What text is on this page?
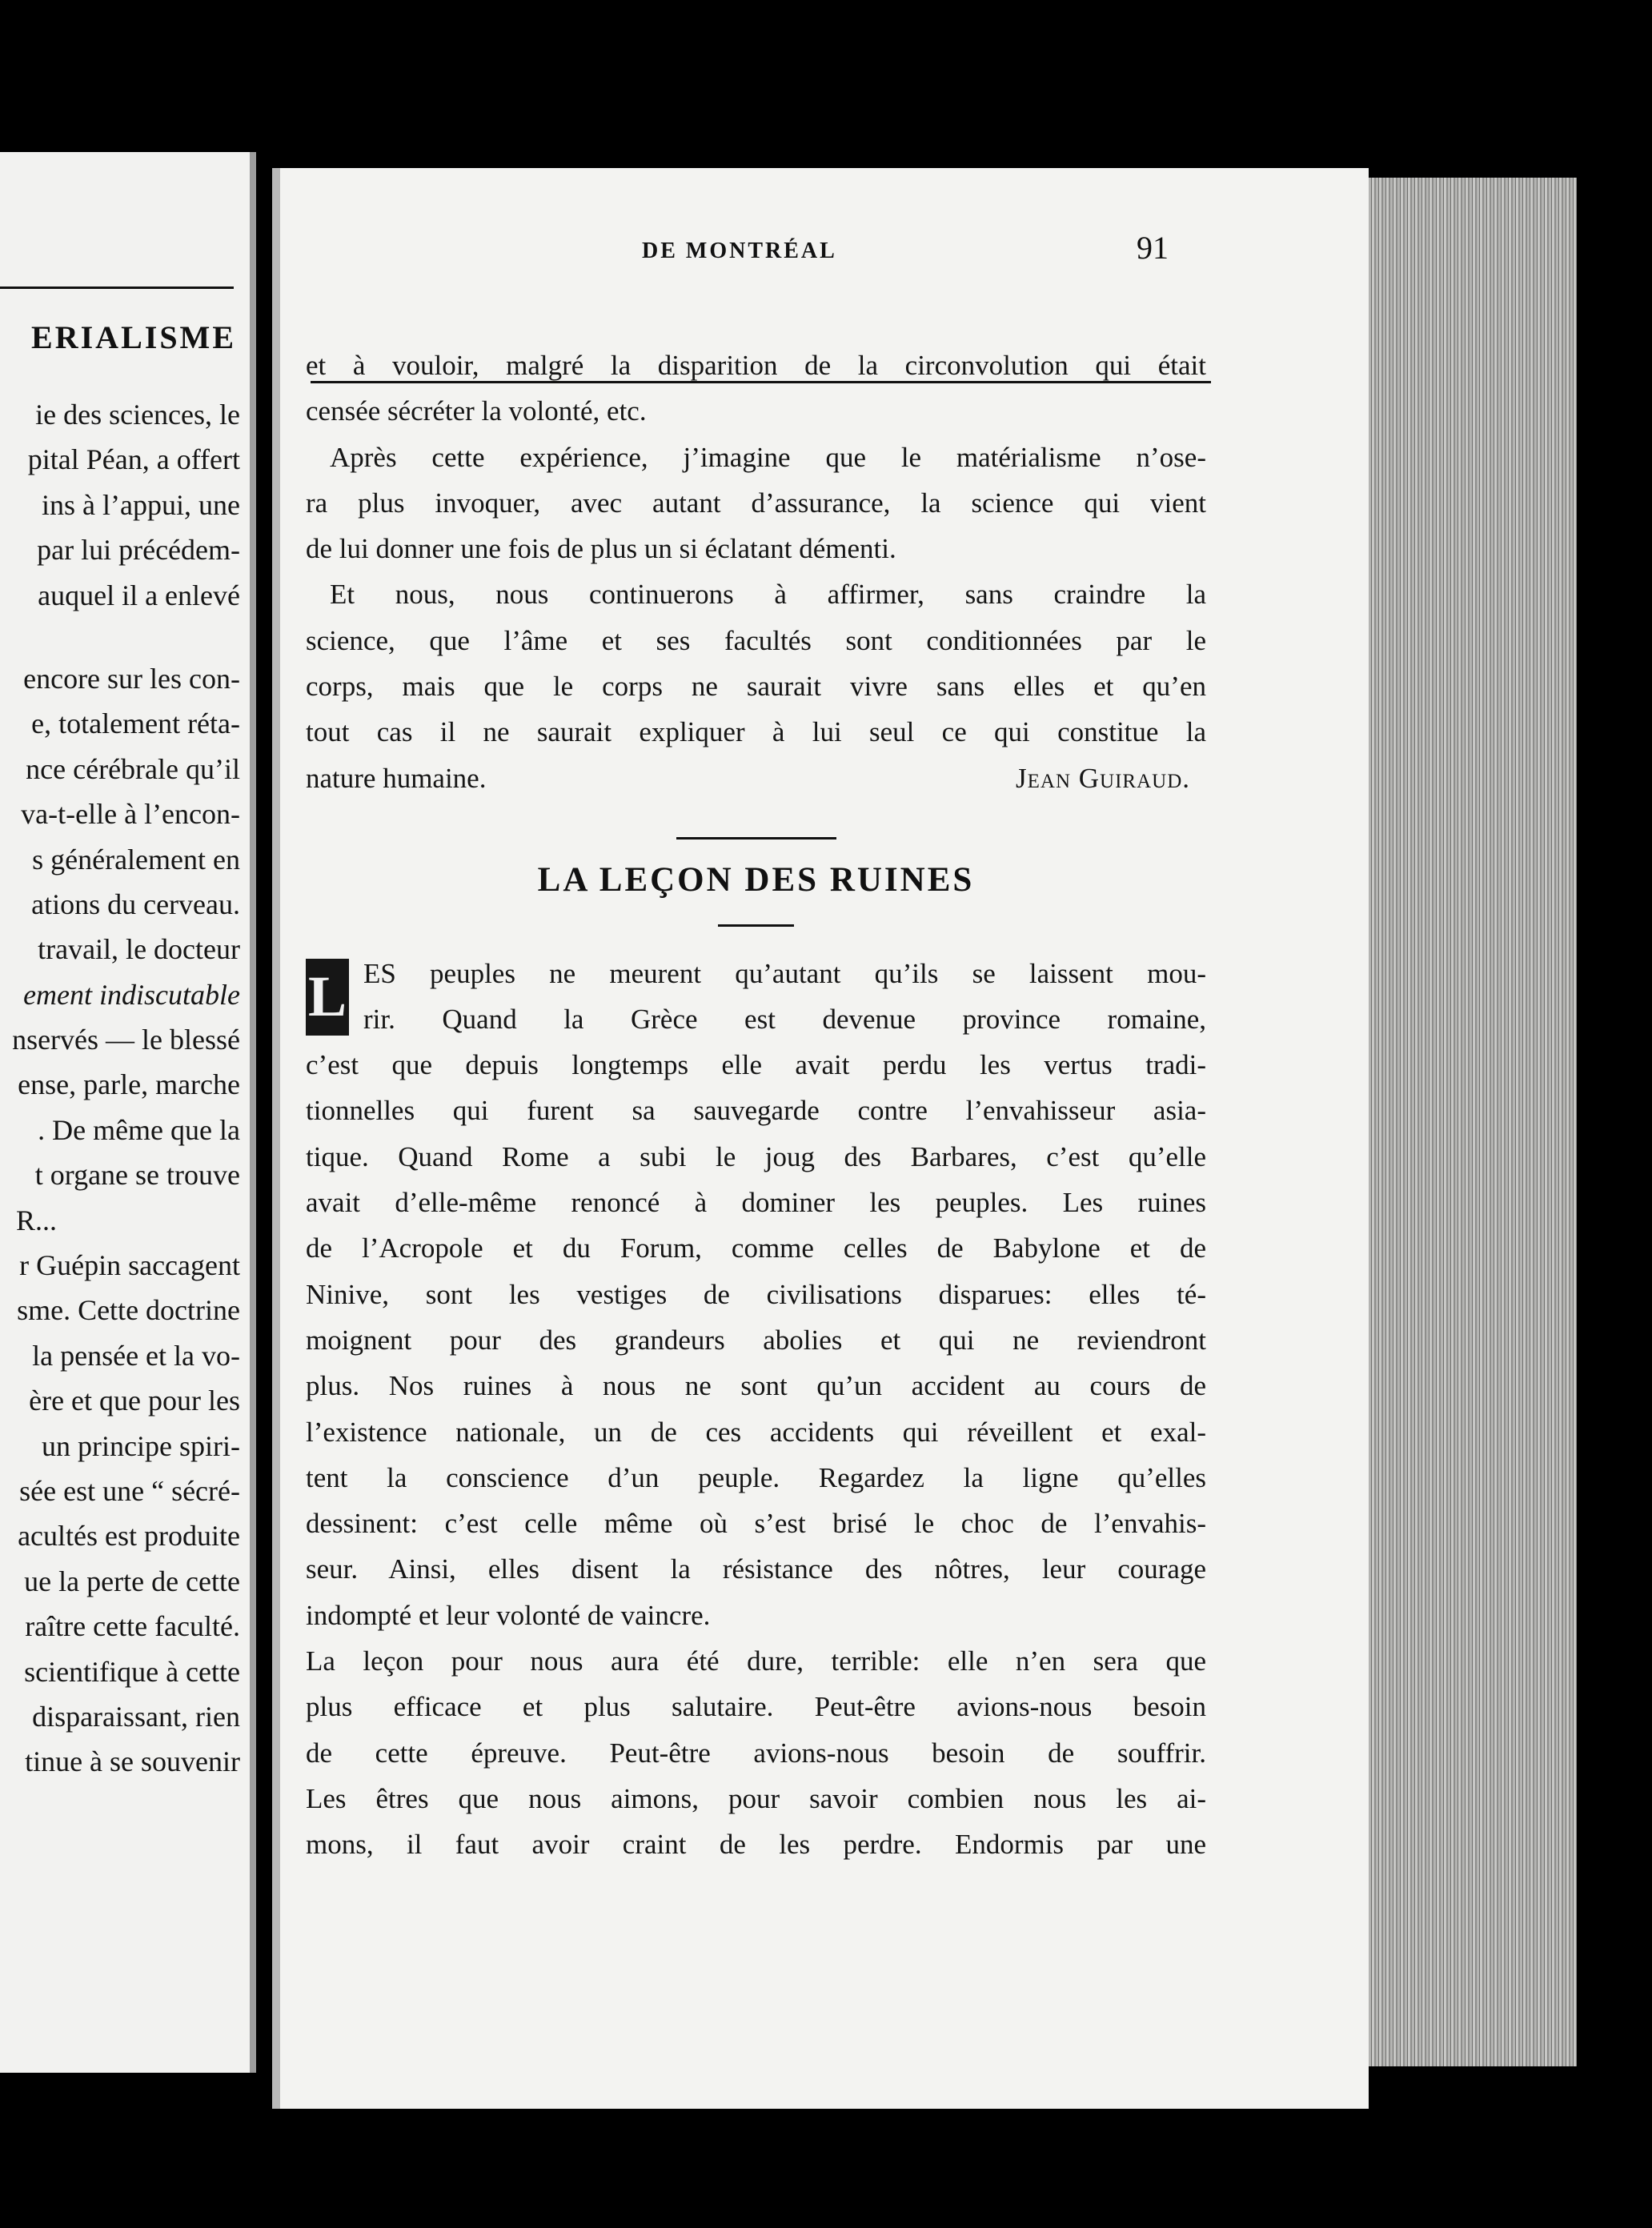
ERIALISME
ie des sciences, le
pital Péan, a offert
ins à l’appui, une
par lui précédem-
auquel il a enlevé
encore sur les con-
e, totalement réta-
nce cérébrale qu’il
va-t-elle à l’encon-
s généralement en
ations du cerveau.
travail, le docteur
ement indiscutable
nservés — le blessé
ense, parle, marche
. De même que la
t organe se trouve
R...
r Guépin saccagent
sme. Cette doctrine
la pensée et la vo-
ère et que pour les
un principe spiri-
sée est une “ sécré-
acultés est produite
ue la perte de cette
raître cette faculté.
scientifique à cette
disparaissant, rien
tinue à se souvenir
DE MONTRÉAL	91

et à vouloir, malgré la disparition de la circonvolution qui était
censée sécréter la volonté, etc.

Après cette expérience, j’imagine que le matérialisme n’ose-
ra plus invoquer, avec autant d’assurance, la science qui vient
de lui donner une fois de plus un si éclatant démenti.

Et nous, nous continuerons à affirmer, sans craindre la
science, que l’âme et ses facultés sont conditionnées par le
corps, mais que le corps ne saurait vivre sans elles et qu’en
tout cas il ne saurait expliquer à lui seul ce qui constitue la
nature humaine.	Jean Guiraud.

LA LEÇON DES RUINES
L ES peuples ne meurent qu’autant qu’ils se laissent mou-
rir. Quand la Grèce est devenue province romaine,

c’est que depuis longtemps elle avait perdu les vertus tradi-
tionnelles qui furent sa sauvegarde contre l’envahisseur asia-
tique. Quand Rome a subi le joug des Barbares, c’est qu’elle
avait d’elle-même renoncé à dominer les peuples. Les ruines
de l’Acropole et du Forum, comme celles de Babylone et de
Ninive, sont les vestiges de civilisations disparues: elles té-
moignent pour des grandeurs abolies et qui ne reviendront
plus. Nos ruines à nous ne sont qu’un accident au cours de
l’existence nationale, un de ces accidents qui réveillent et exal-
tent la conscience d’un peuple. Regardez la ligne qu’elles
dessinent: c’est celle même où s’est brisé le choc de l’envahis-
seur. Ainsi, elles disent la résistance des nôtres, leur courage
indompté et leur volonté de vaincre.

La leçon pour nous aura été dure, terrible: elle n’en sera que
plus efficace et plus salutaire. Peut-être avions-nous besoin
de cette épreuve. Peut-être avions-nous besoin de souffrir.
Les êtres que nous aimons, pour savoir combien nous les ai-
mons, il faut avoir craint de les perdre. Endormis par une
